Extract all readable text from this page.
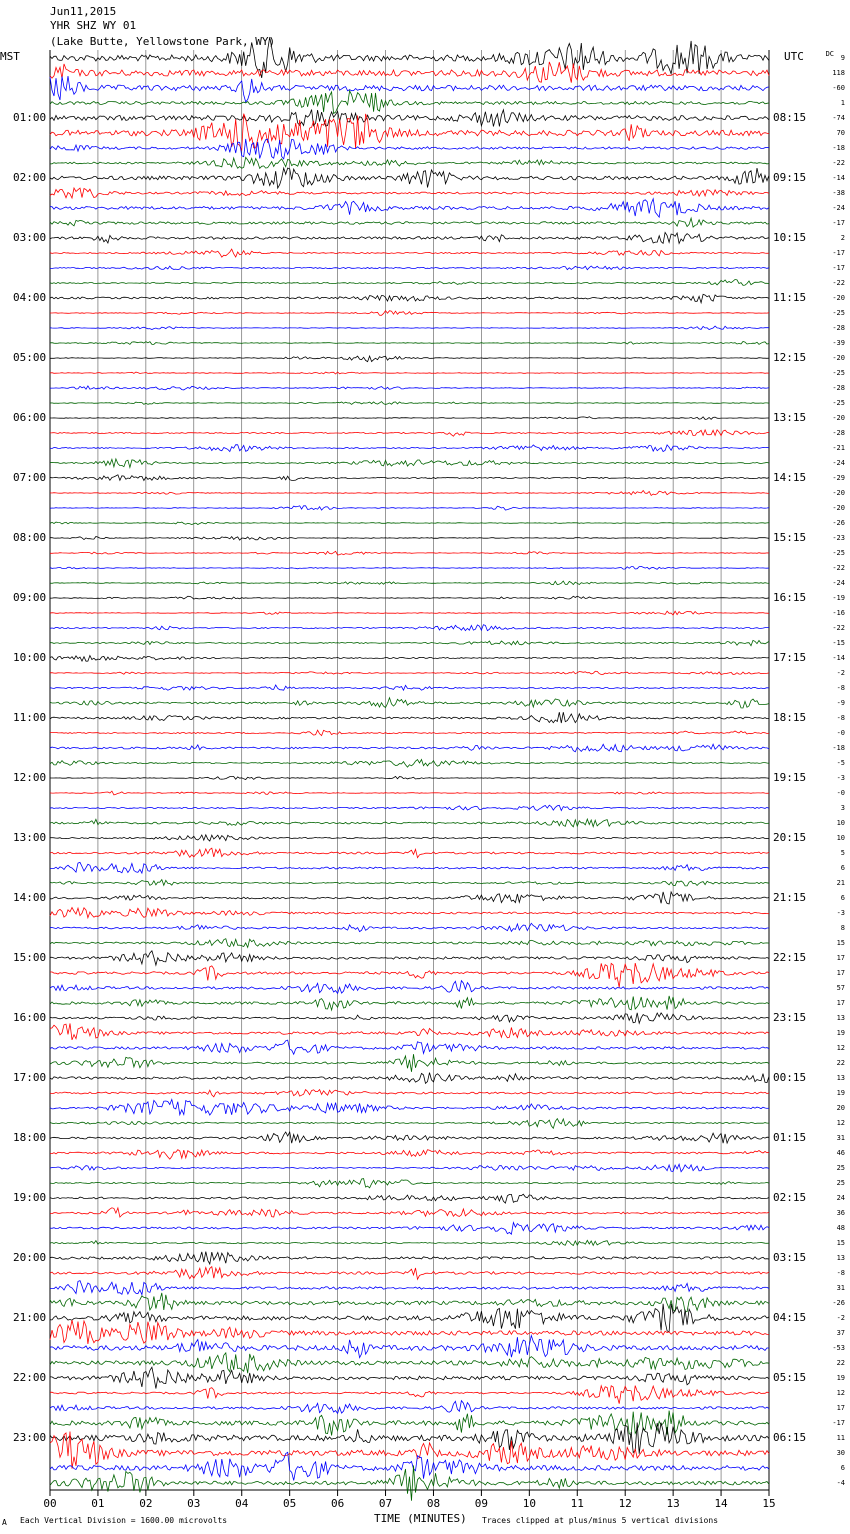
Jun11,2015
YHR SHZ WY 01
(Lake Butte, Yellowstone Park, WY)
MST	UTC	DC
01:00
02:00
03:00
04:00
05:00
06:00
07:00
08:00
09:00
10:00
11:00
12:00
13:00
14:00
15:00
16:00
17:00
18:00
19:00
20:00
21:00
22:00
23:00
08:15
09:15
10:15
11:15
12:15
13:15
14:15
15:15
16:15
17:15
18:15
19:15
20:15
21:15
22:15
23:15
00:15
01:15
02:15
03:15
04:15
05:15
06:15
9
118
-60
1
-74
70
-18
-22
-14
-38
-24
-17
2
-17
-17
-22
-20
-25
-28
-39
-20
-25
-28
-25
-20
-28
-21
-24
-29
-20
-20
-26
-23
-25
-22
-24
-19
-16
-22
-15
-14
-2
-8
-9
-8
-0
-18
-5
-3
-0
3
10
10
5
6
21
6
-3
8
15
17
17
57
17
13
19
12
22
13
19
20
12
31
46
25
25
24
36
48
15
13
-8
31
-26
-2
37
-53
22
19
12
17
-17
11
30
6
-4
00	01	02	03	04	05	06	07	08	09	10	11	12	13	14	15
TIME (MINUTES)
Each Vertical Division = 1600.00 microvolts	Traces clipped at plus/minus 5 vertical divisions
A
